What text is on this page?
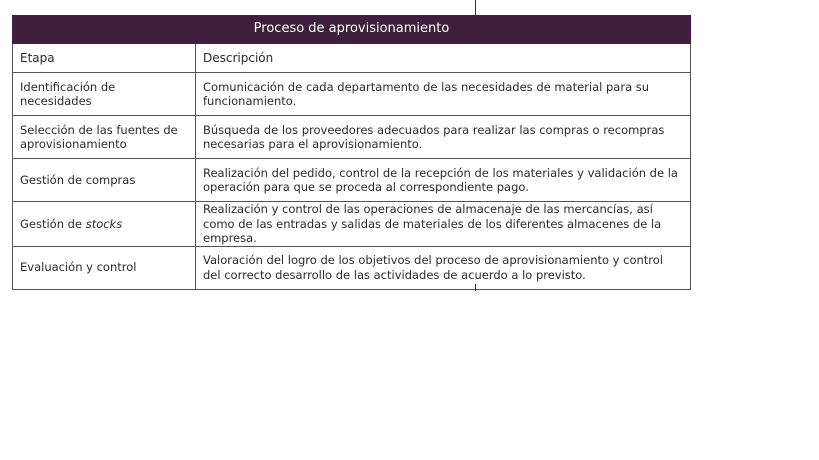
Proceso de aprovisionamiento	
Etapa	Descripción
Identificación de necesidades	Comunicación de cada departamento de las necesidades de material para su funcionamiento.
Selección de las fuentes de aprovisionamiento	Búsqueda de los proveedores adecuados para realizar las compras o recompras necesarias para el aprovisionamiento.
Gestión de compras	Realización del pedido, control de la recepción de los materiales y validación de la operación para que se proceda al correspondiente pago.
Gestión de stocks	Realización y control de las operaciones de almacenaje de las mercancías, así como de las entradas y salidas de materiales de los diferentes almacenes de la empresa.
Evaluación y control	Valoración del logro de los objetivos del proceso de aprovisionamiento y control del correcto desarrollo de las actividades de acuerdo a lo previsto.
